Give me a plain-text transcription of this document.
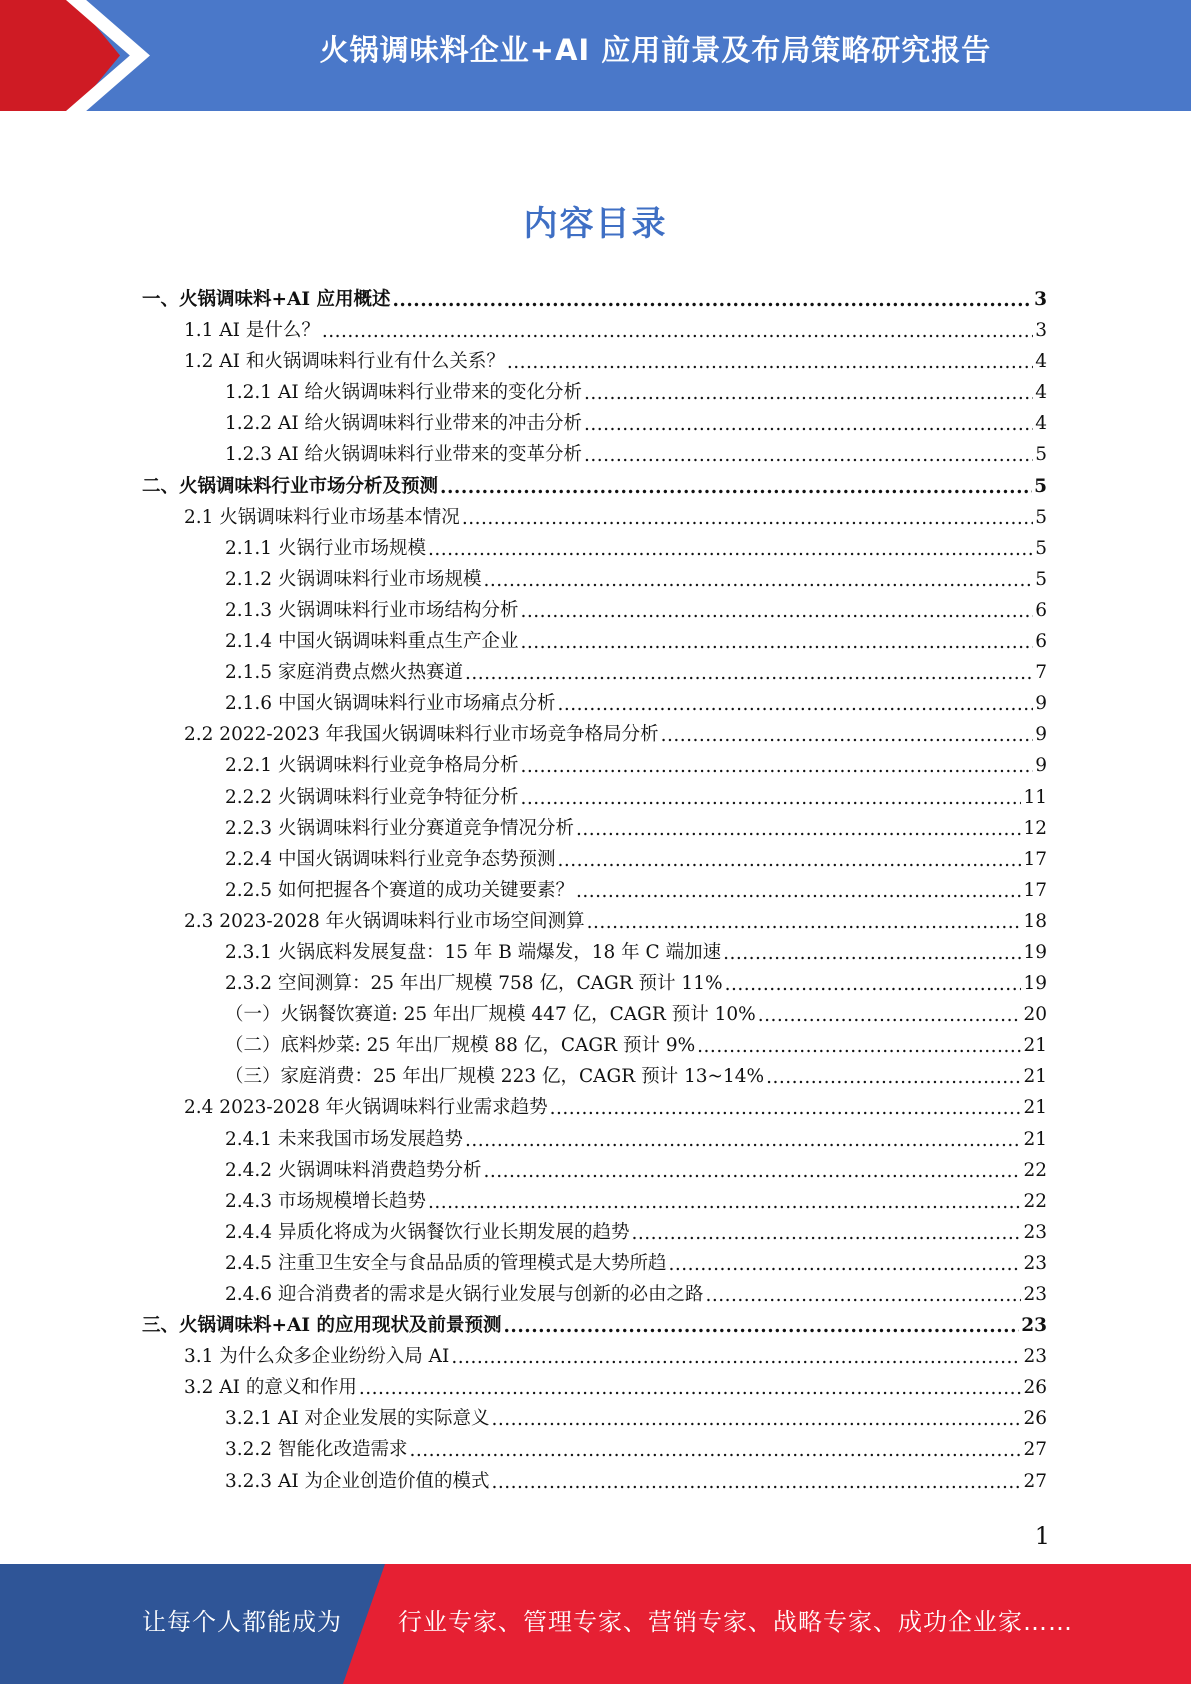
火锅调味料企业+AI 应用前景及布局策略研究报告
内容目录
一、火锅调味料+AI 应用概述 .....	3
1.1 AI 是什么？ .....	3
1.2 AI 和火锅调味料行业有什么关系？ .....	4
1.2.1 AI 给火锅调味料行业带来的变化分析 .....	4
1.2.2 AI 给火锅调味料行业带来的冲击分析 .....	4
1.2.3 AI 给火锅调味料行业带来的变革分析 .....	5
二、火锅调味料行业市场分析及预测 .....	5
2.1 火锅调味料行业市场基本情况 .....	5
2.1.1 火锅行业市场规模 .....	5
2.1.2 火锅调味料行业市场规模 .....	5
2.1.3 火锅调味料行业市场结构分析 .....	6
2.1.4 中国火锅调味料重点生产企业 .....	6
2.1.5 家庭消费点燃火热赛道 .....	7
2.1.6 中国火锅调味料行业市场痛点分析 .....	9
2.2 2022-2023 年我国火锅调味料行业市场竞争格局分析 .....	9
2.2.1 火锅调味料行业竞争格局分析 .....	9
2.2.2 火锅调味料行业竞争特征分析 .....	11
2.2.3 火锅调味料行业分赛道竞争情况分析 .....	12
2.2.4 中国火锅调味料行业竞争态势预测 .....	17
2.2.5 如何把握各个赛道的成功关键要素？ .....	17
2.3 2023-2028 年火锅调味料行业市场空间测算 .....	18
2.3.1 火锅底料发展复盘：15 年 B 端爆发，18 年 C 端加速 .....	19
2.3.2 空间测算：25 年出厂规模 758 亿，CAGR 预计 11% .....	19
（一）火锅餐饮赛道: 25 年出厂规模 447 亿，CAGR 预计 10% .....	20
（二）底料炒菜: 25 年出厂规模 88 亿，CAGR 预计 9% .....	21
（三）家庭消费：25 年出厂规模 223 亿，CAGR 预计 13~14% .....	21
2.4 2023-2028 年火锅调味料行业需求趋势 .....	21
2.4.1 未来我国市场发展趋势 .....	21
2.4.2 火锅调味料消费趋势分析 .....	22
2.4.3 市场规模增长趋势 .....	22
2.4.4 异质化将成为火锅餐饮行业长期发展的趋势 .....	23
2.4.5 注重卫生安全与食品品质的管理模式是大势所趋 .....	23
2.4.6 迎合消费者的需求是火锅行业发展与创新的必由之路 .....	23
三、火锅调味料+AI 的应用现状及前景预测 .....	23
3.1 为什么众多企业纷纷入局 AI .....	23
3.2 AI 的意义和作用 .....	26
3.2.1 AI 对企业发展的实际意义 .....	26
3.2.2 智能化改造需求 .....	27
3.2.3 AI 为企业创造价值的模式 .....	27
1
让每个人都能成为 行业专家、管理专家、营销专家、战略专家、成功企业家……
